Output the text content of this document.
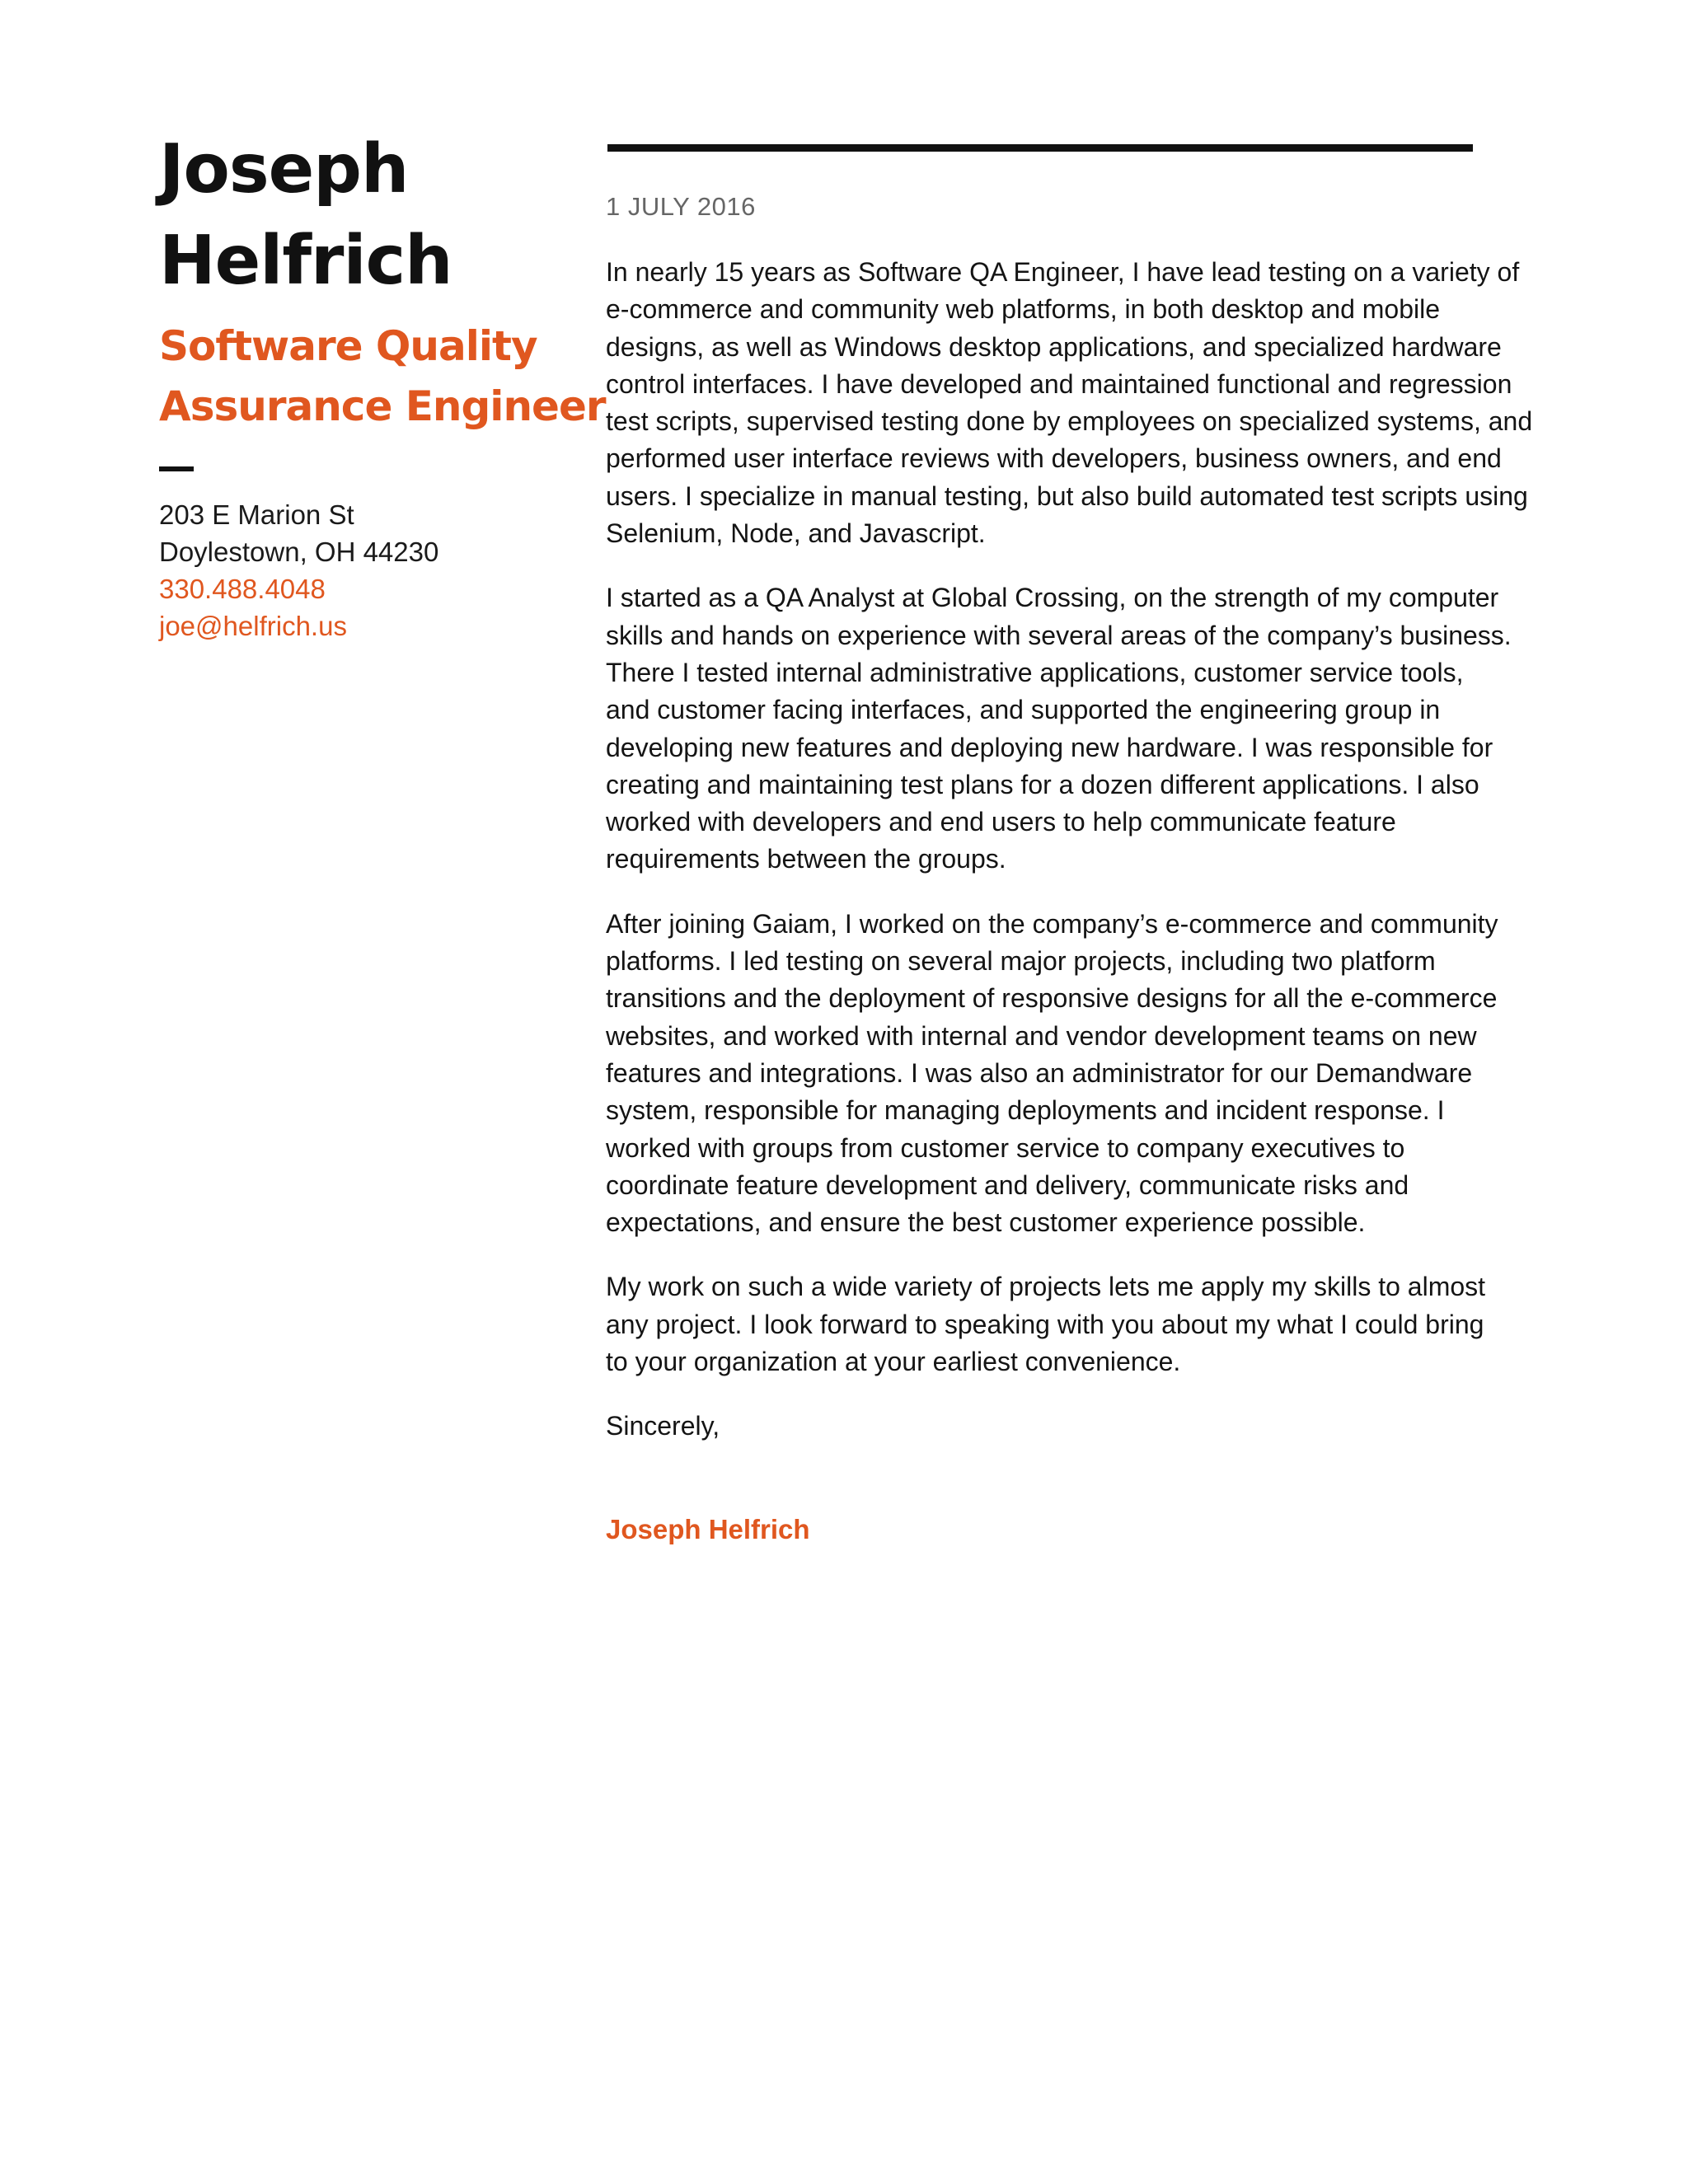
Joseph
Helfrich
Software Quality
Assurance Engineer
203 E Marion St
Doylestown, OH 44230
330.488.4048
joe@helfrich.us
1 JULY 2016

In nearly 15 years as Software QA Engineer, I have lead testing on a variety of
e-commerce and community web platforms, in both desktop and mobile
designs, as well as Windows desktop applications, and specialized hardware
control interfaces. I have developed and maintained functional and regression
test scripts, supervised testing done by employees on specialized systems, and
performed user interface reviews with developers, business owners, and end
users. I specialize in manual testing, but also build automated test scripts using
Selenium, Node, and Javascript.

I started as a QA Analyst at Global Crossing, on the strength of my computer
skills and hands on experience with several areas of the company’s business.
There I tested internal administrative applications, customer service tools,
and customer facing interfaces, and supported the engineering group in
developing new features and deploying new hardware. I was responsible for
creating and maintaining test plans for a dozen different applications. I also
worked with developers and end users to help communicate feature
requirements between the groups.

After joining Gaiam, I worked on the company’s e-commerce and community
platforms. I led testing on several major projects, including two platform
transitions and the deployment of responsive designs for all the e-commerce
websites, and worked with internal and vendor development teams on new
features and integrations. I was also an administrator for our Demandware
system, responsible for managing deployments and incident response. I
worked with groups from customer service to company executives to
coordinate feature development and delivery, communicate risks and
expectations, and ensure the best customer experience possible.

My work on such a wide variety of projects lets me apply my skills to almost
any project. I look forward to speaking with you about my what I could bring
to your organization at your earliest convenience.

Sincerely,

Joseph Helfrich
